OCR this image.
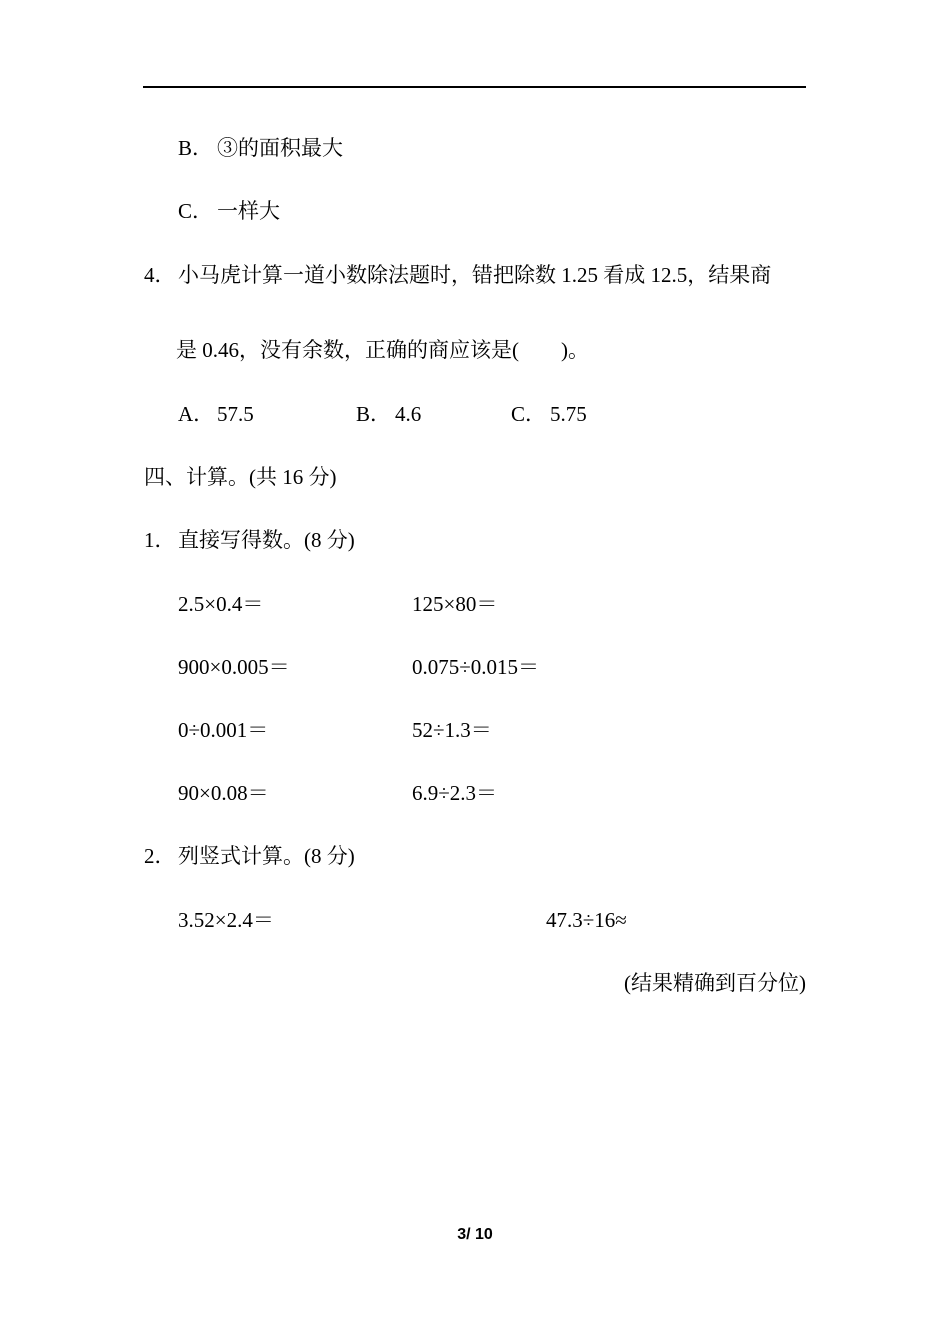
B． ③的面积最大
C． 一样大
4． 小马虎计算一道小数除法题时，错把除数 1.25 看成 12.5，结果商
是 0.46，没有余数，正确的商应该是(　　)。
A． 57.5	B． 4.6	C． 5.75
四、计算。(共 16 分)
1． 直接写得数。(8 分)
2.5×0.4＝	125×80＝
900×0.005＝	0.075÷0.015＝
0÷0.001＝	52÷1.3＝
90×0.08＝	6.9÷2.3＝
2． 列竖式计算。(8 分)
3.52×2.4＝	47.3÷16≈
(结果精确到百分位)
3/ 10
